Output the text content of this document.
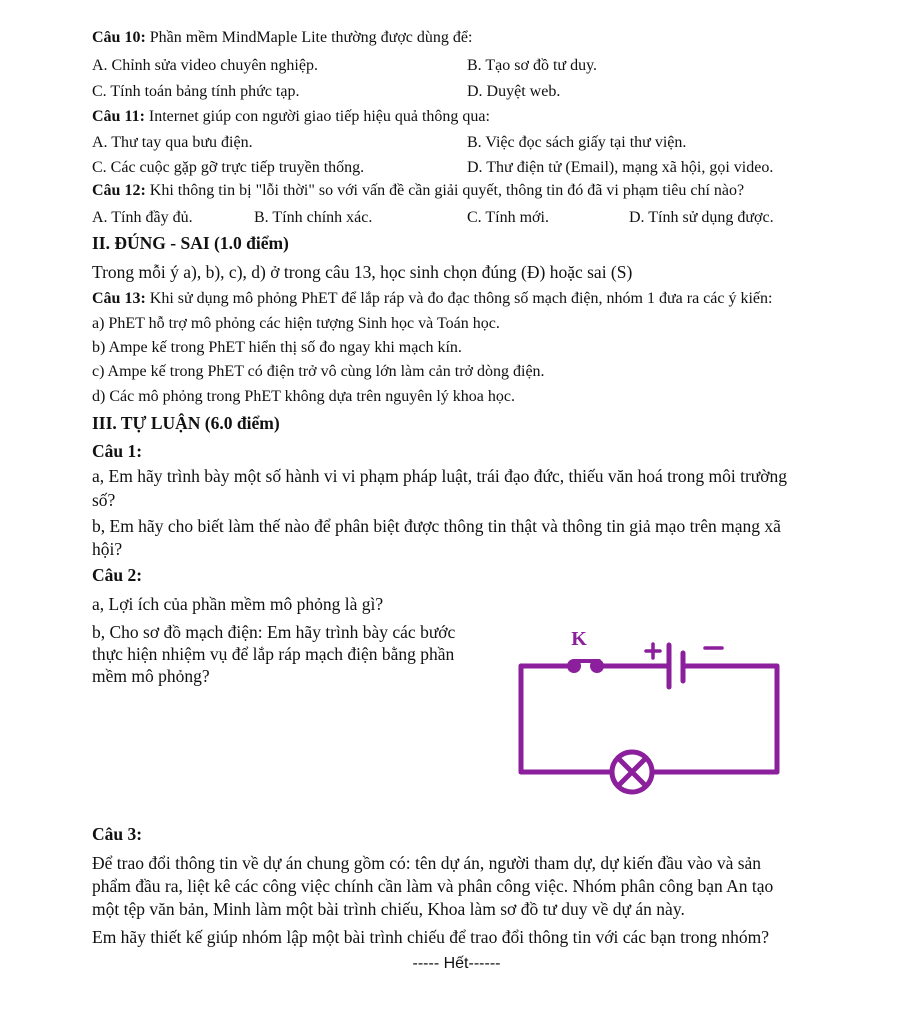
Câu 10: Phần mềm MindMaple Lite thường được dùng để:
A. Chỉnh sửa video chuyên nghiệp.	B. Tạo sơ đồ tư duy.
C. Tính toán bảng tính phức tạp.	D. Duyệt web.
Câu 11: Internet giúp con người giao tiếp hiệu quả thông qua:
A. Thư tay qua bưu điện.	B. Việc đọc sách giấy tại thư viện.
C. Các cuộc gặp gỡ trực tiếp truyền thống.	D. Thư điện tử (Email), mạng xã hội, gọi video.
Câu 12: Khi thông tin bị "lỗi thời" so với vấn đề cần giải quyết, thông tin đó đã vi phạm tiêu chí nào?
A. Tính đầy đủ.	B. Tính chính xác.	C. Tính mới.	D. Tính sử dụng được.
II. ĐÚNG - SAI (1.0 điểm)
Trong mỗi ý a), b), c), d) ở trong câu 13, học sinh chọn đúng (Đ) hoặc sai (S)
Câu 13: Khi sử dụng mô phỏng PhET để lắp ráp và đo đạc thông số mạch điện, nhóm 1 đưa ra các ý kiến:
a) PhET hỗ trợ mô phỏng các hiện tượng Sinh học và Toán học.
b) Ampe kế trong PhET hiển thị số đo ngay khi mạch kín.
c) Ampe kế trong PhET có điện trở vô cùng lớn làm cản trở dòng điện.
d) Các mô phỏng trong PhET không dựa trên nguyên lý khoa học.
III. TỰ LUẬN (6.0 điểm)
Câu 1:
a, Em hãy trình bày một số hành vi vi phạm pháp luật, trái đạo đức, thiếu văn hoá trong môi trường
số?
b, Em hãy cho biết làm thế nào để phân biệt được thông tin thật và thông tin giả mạo trên mạng xã
hội?
Câu 2:
a, Lợi ích của phần mềm mô phỏng là gì?
b, Cho sơ đồ mạch điện: Em hãy trình bày các bước
thực hiện nhiệm vụ để lắp ráp mạch điện bằng phần
mềm mô phỏng?
K
Câu 3:
Để trao đổi thông tin về dự án chung gồm có: tên dự án, người tham dự, dự kiến đầu vào và sản
phẩm đầu ra, liệt kê các công việc chính cần làm và phân công việc. Nhóm phân công bạn An tạo
một tệp văn bản, Minh làm một bài trình chiếu, Khoa làm sơ đồ tư duy về dự án này.
Em hãy thiết kế giúp nhóm lập một bài trình chiếu để trao đổi thông tin với các bạn trong nhóm?
----- Hết------
